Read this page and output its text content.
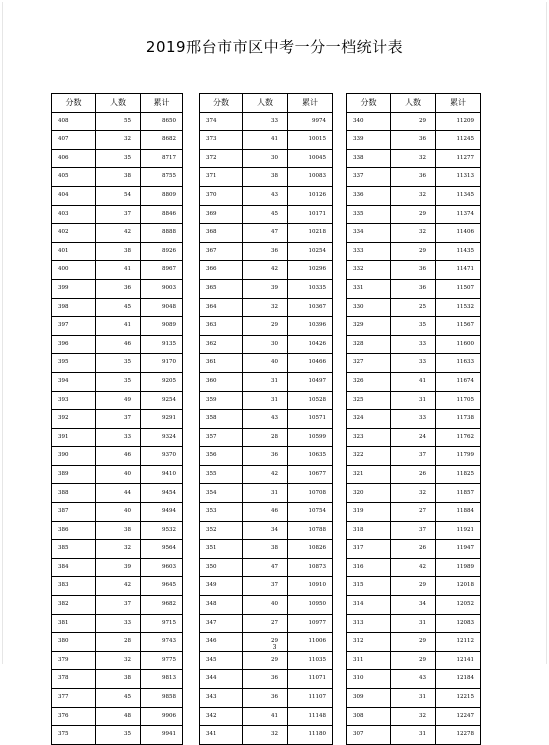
2019邢台市市区中考一分一档统计表
分数	人数	累计
408	55	8650
407	32	8682
406	35	8717
405	38	8755
404	54	8809
403	37	8846
402	42	8888
401	38	8926
400	41	8967
399	36	9003
398	45	9048
397	41	9089
396	46	9135
395	35	9170
394	35	9205
393	49	9254
392	37	9291
391	33	9324
390	46	9370
389	40	9410
388	44	9454
387	40	9494
386	38	9532
385	32	9564
384	39	9603
383	42	9645
382	37	9682
381	33	9715
380	28	9743
379	32	9775
378	38	9813
377	45	9858
376	48	9906
375	35	9941
分数	人数	累计
374	33	9974
373	41	10015
372	30	10045
371	38	10083
370	43	10126
369	45	10171
368	47	10218
367	36	10254
366	42	10296
365	39	10335
364	32	10367
363	29	10396
362	30	10426
361	40	10466
360	31	10497
359	31	10528
358	43	10571
357	28	10599
356	36	10635
355	42	10677
354	31	10708
353	46	10754
352	34	10788
351	38	10826
350	47	10873
349	37	10910
348	40	10950
347	27	10977
346	29	11006
345	29	11035
344	36	11071
343	36	11107
342	41	11148
341	32	11180
分数	人数	累计
340	29	11209
339	36	11245
338	32	11277
337	36	11313
336	32	11345
335	29	11374
334	32	11406
333	29	11435
332	36	11471
331	36	11507
330	25	11532
329	35	11567
328	33	11600
327	33	11633
326	41	11674
325	31	11705
324	33	11738
323	24	11762
322	37	11799
321	26	11825
320	32	11857
319	27	11884
318	37	11921
317	26	11947
316	42	11989
315	29	12018
314	34	12052
313	31	12083
312	29	12112
311	29	12141
310	43	12184
309	31	12215
308	32	12247
307	31	12278
3
